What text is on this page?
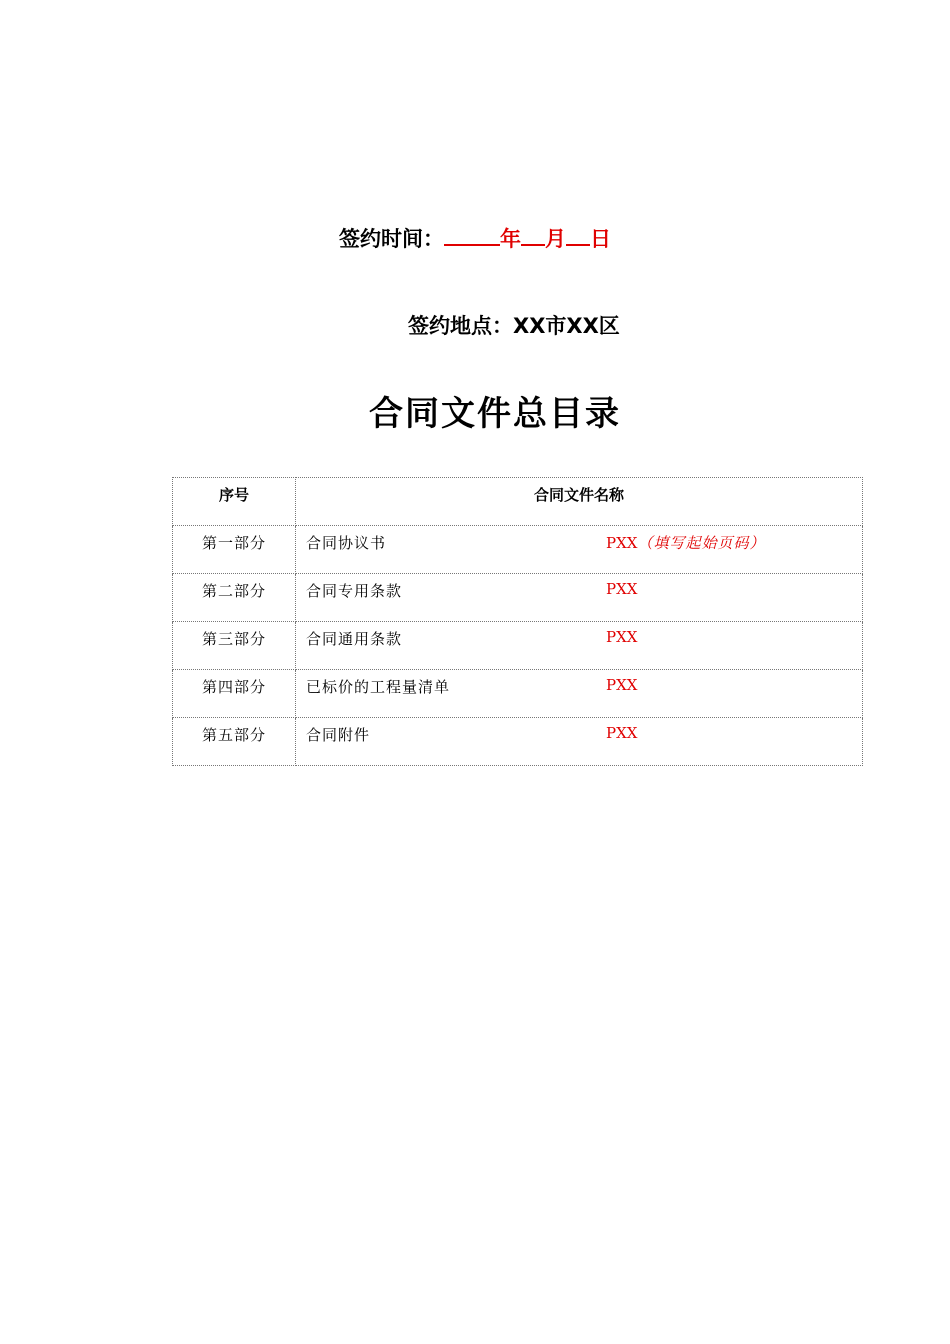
签约时间：	年 月 日
签约地点：XX市XX区
合同文件总目录
序号	合同文件名称
第一部分	合同协议书 PXX（填写起始页码）

第二部分	合同专用条款 PXX

第三部分	合同通用条款 PXX

第四部分	已标价的工程量清单 PXX

第五部分	合同附件 PXX
